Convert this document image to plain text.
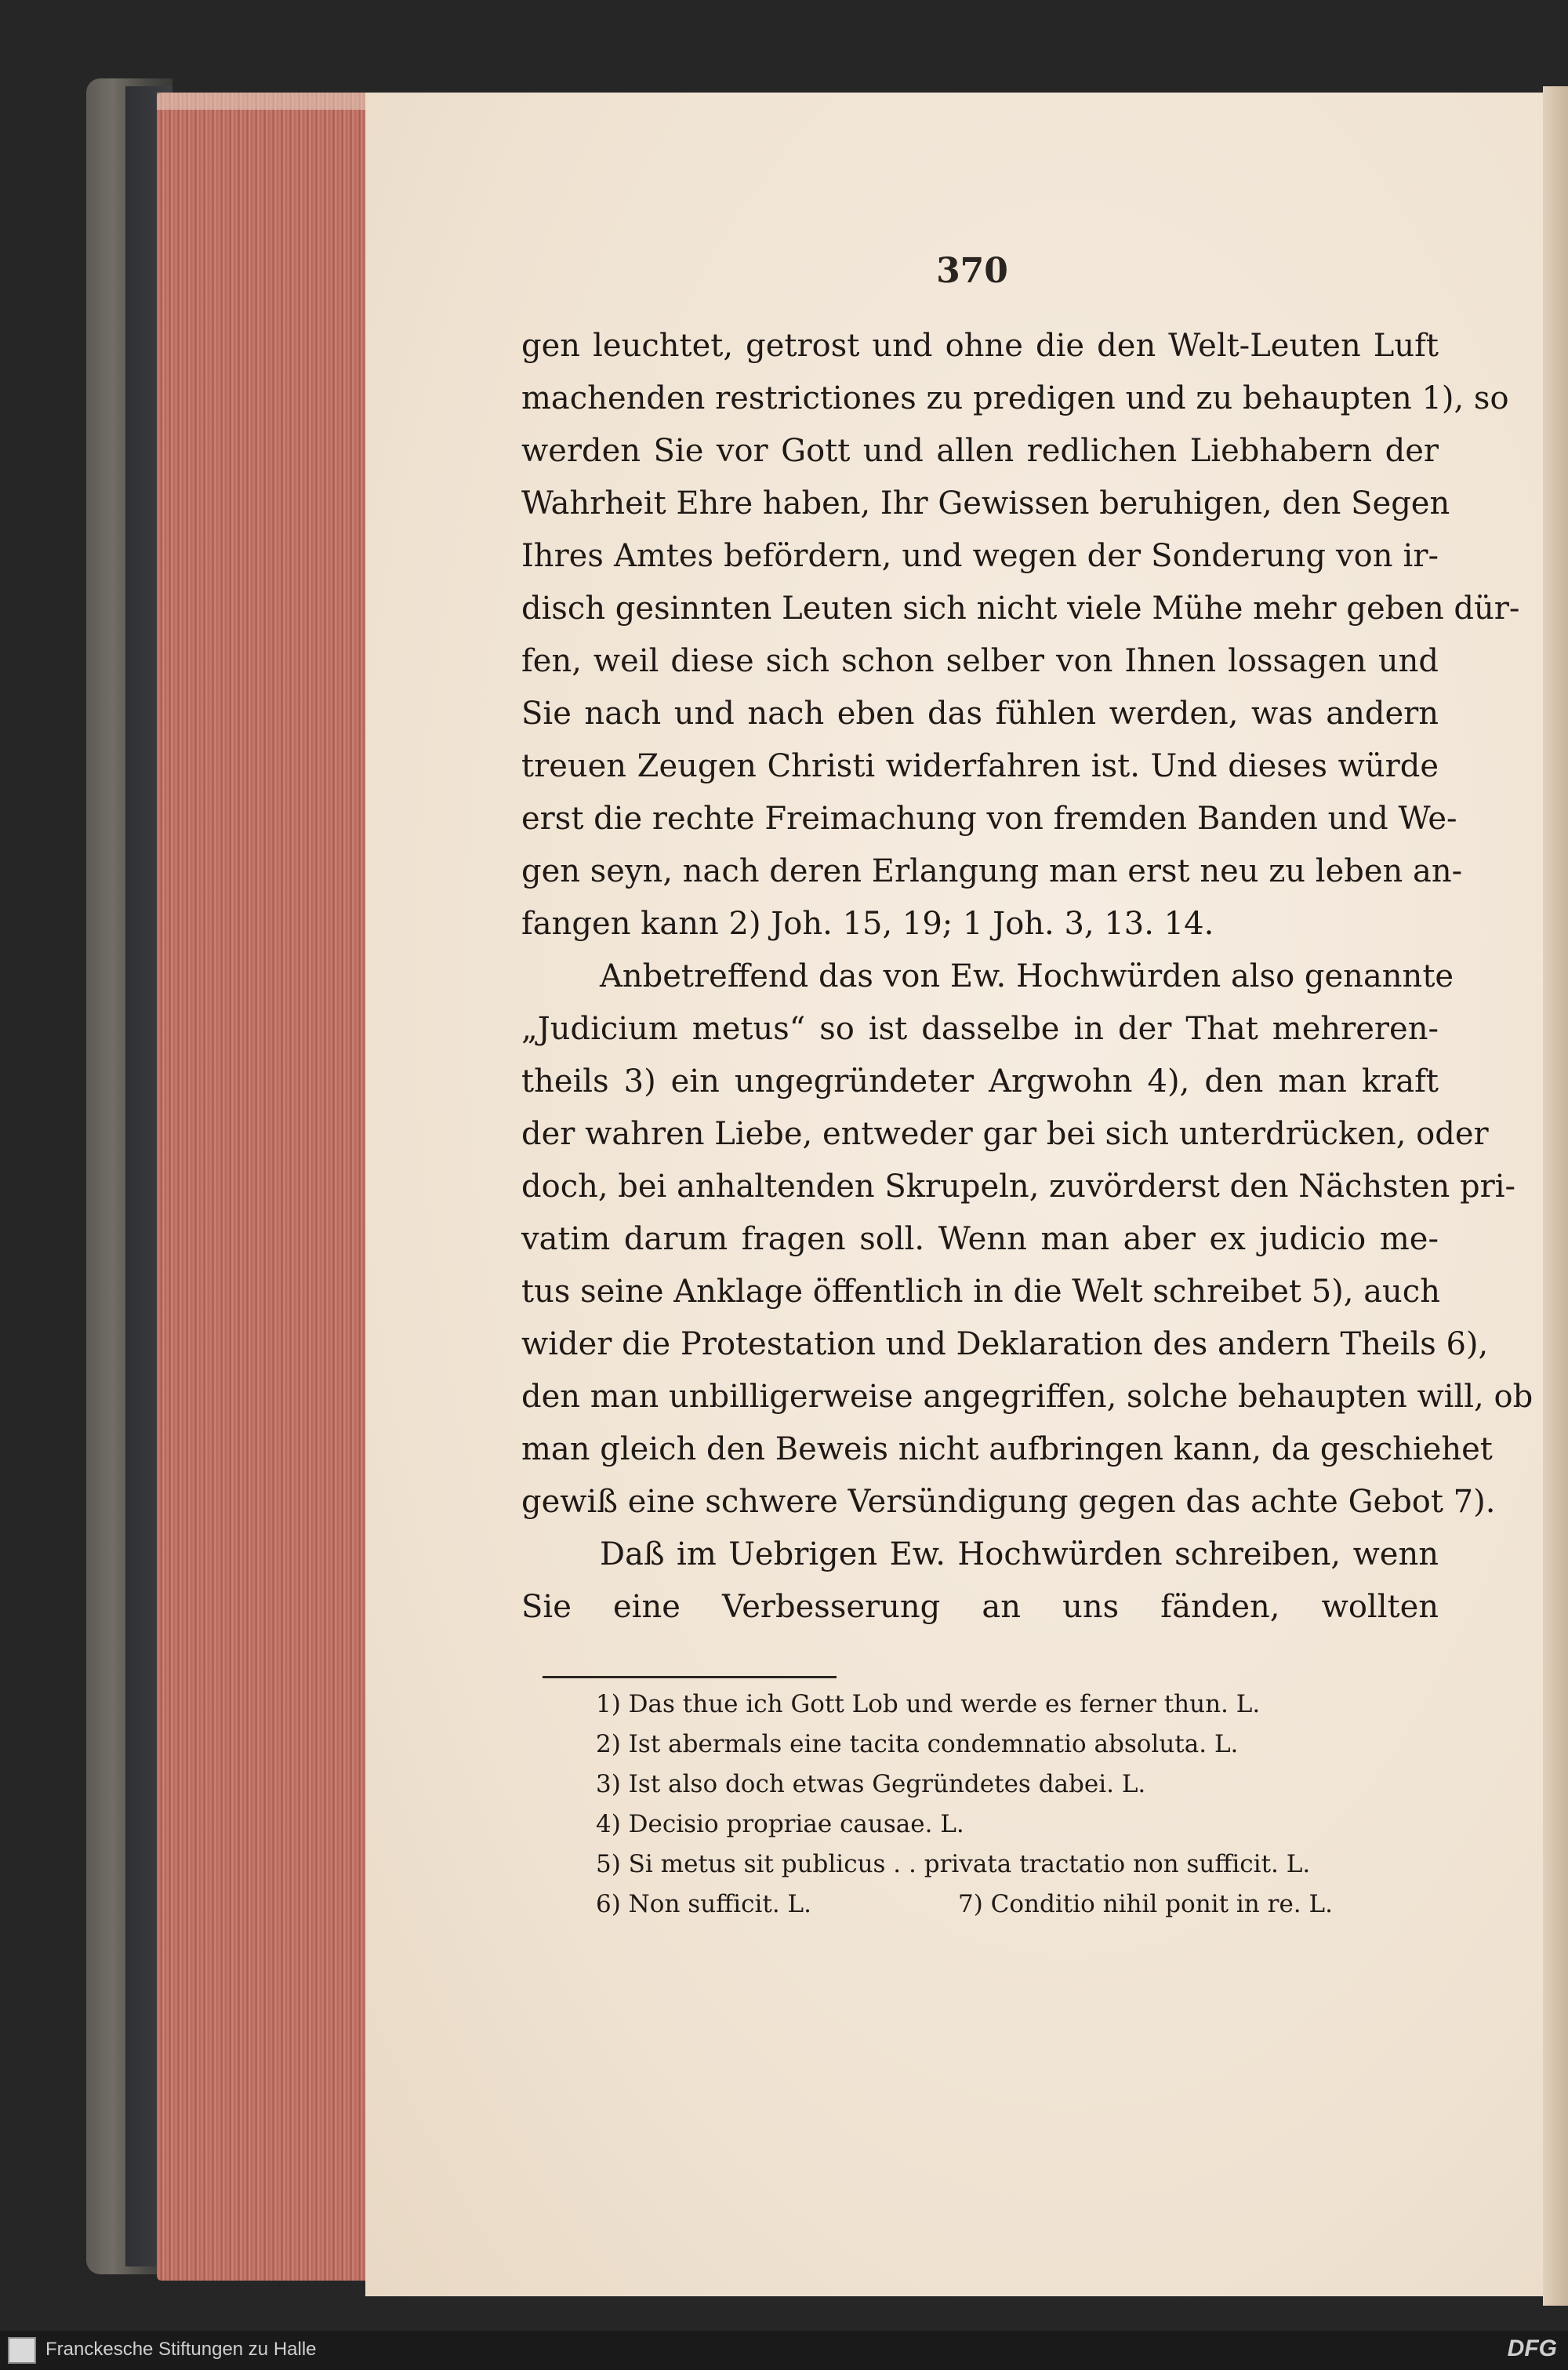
370
gen leuchtet, getrost und ohne die den Welt-Leuten Luft
machenden restrictiones zu predigen und zu behaupten 1), so
werden Sie vor Gott und allen redlichen Liebhabern der
Wahrheit Ehre haben, Ihr Gewissen beruhigen, den Segen
Ihres Amtes befördern, und wegen der Sonderung von ir-
disch gesinnten Leuten sich nicht viele Mühe mehr geben dür-
fen, weil diese sich schon selber von Ihnen lossagen und
Sie nach und nach eben das fühlen werden, was andern
treuen Zeugen Christi widerfahren ist. Und dieses würde
erst die rechte Freimachung von fremden Banden und We-
gen seyn, nach deren Erlangung man erst neu zu leben an-
fangen kann 2) Joh. 15, 19; 1 Joh. 3, 13. 14.
Anbetreffend das von Ew. Hochwürden also genannte
„Judicium metus“ so ist dasselbe in der That mehreren-
theils 3) ein ungegründeter Argwohn 4), den man kraft
der wahren Liebe, entweder gar bei sich unterdrücken, oder
doch, bei anhaltenden Skrupeln, zuvörderst den Nächsten pri-
vatim darum fragen soll. Wenn man aber ex judicio me-
tus seine Anklage öffentlich in die Welt schreibet 5), auch
wider die Protestation und Deklaration des andern Theils 6),
den man unbilligerweise angegriffen, solche behaupten will, ob
man gleich den Beweis nicht aufbringen kann, da geschiehet
gewiß eine schwere Versündigung gegen das achte Gebot 7).
Daß im Uebrigen Ew. Hochwürden schreiben, wenn
Sie eine Verbesserung an uns fänden, wollten
1) Das thue ich Gott Lob und werde es ferner thun. L.
2) Ist abermals eine tacita condemnatio absoluta. L.
3) Ist also doch etwas Gegründetes dabei. L.
4) Decisio propriae causae. L.
5) Si metus sit publicus . . privata tractatio non sufficit. L.
6) Non sufficit. L.	7) Conditio nihil ponit in re. L.
Franckesche Stiftungen zu Halle	DFG
